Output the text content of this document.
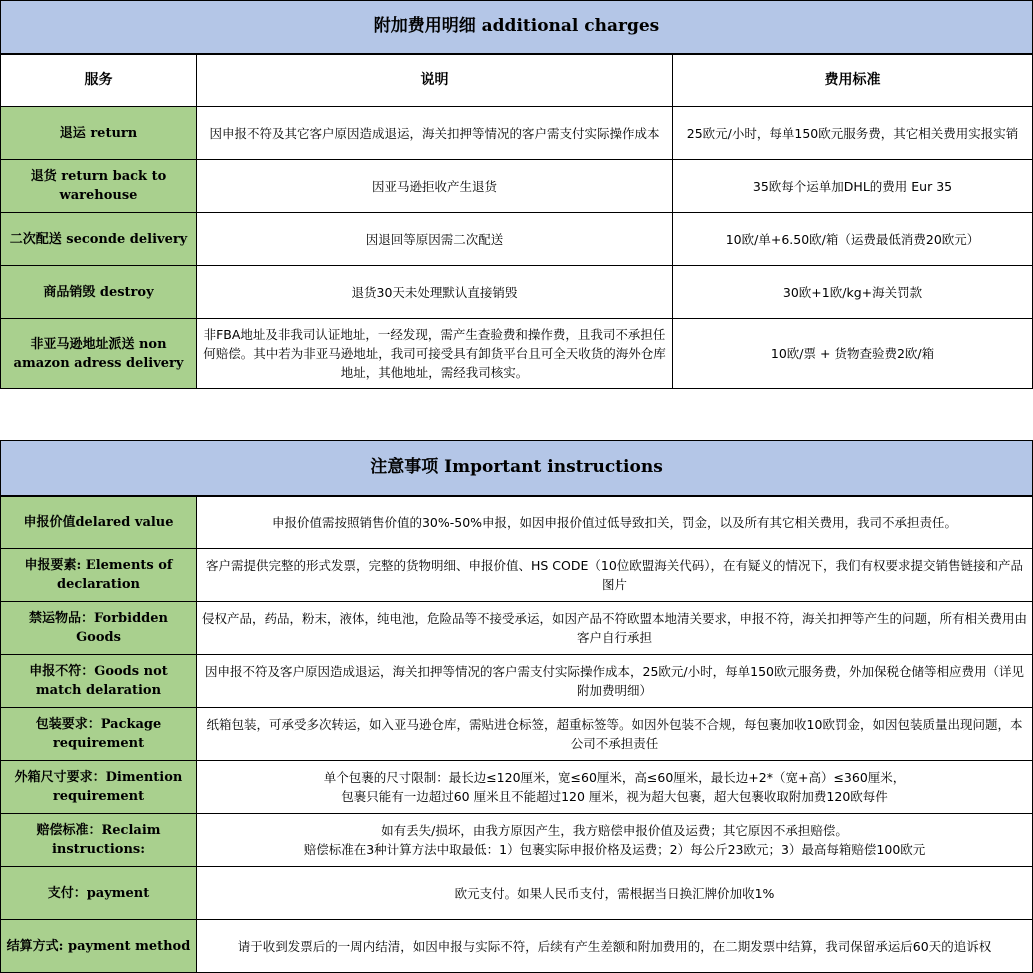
附加费用明细 additional charges		
服务	说明	费用标准
退运 return	因申报不符及其它客户原因造成退运，海关扣押等情况的客户需支付实际操作成本	25欧元/小时，每单150欧元服务费，其它相关费用实报实销
退货 return back to warehouse	因亚马逊拒收产生退货	35欧每个运单加DHL的费用 Eur 35
二次配送 seconde delivery	因退回等原因需二次配送	10欧/单+6.50欧/箱（运费最低消费20欧元）
商品销毁 destroy	退货30天未处理默认直接销毁	30欧+1欧/kg+海关罚款
非亚马逊地址派送 non amazon adress delivery	非FBA地址及非我司认证地址，一经发现，需产生查验费和操作费，且我司不承担任何赔偿。其中若为非亚马逊地址，我司可接受具有卸货平台且可全天收货的海外仓库地址，其他地址，需经我司核实。	10欧/票 + 货物查验费2欧/箱
注意事项 Important instructions	
申报价值delared value	申报价值需按照销售价值的30%-50%申报，如因申报价值过低导致扣关，罚金，以及所有其它相关费用，我司不承担责任。
申报要素: Elements of declaration	客户需提供完整的形式发票，完整的货物明细、申报价值、HS CODE（10位欧盟海关代码），在有疑义的情况下，我们有权要求提交销售链接和产品图片
禁运物品：Forbidden Goods	侵权产品，药品，粉末，液体，纯电池，危险品等不接受承运，如因产品不符欧盟本地清关要求，申报不符，海关扣押等产生的问题，所有相关费用由客户自行承担
申报不符：Goods not match delaration	因申报不符及客户原因造成退运，海关扣押等情况的客户需支付实际操作成本，25欧元/小时，每单150欧元服务费，外加保税仓储等相应费用（详见附加费明细）
包装要求：Package requirement	纸箱包装，可承受多次转运，如入亚马逊仓库，需贴进仓标签，超重标签等。如因外包装不合规，每包裹加收10欧罚金，如因包装质量出现问题，本公司不承担责任
外箱尺寸要求：Dimention requirement	单个包裹的尺寸限制：最长边≤120厘米，宽≤60厘米，高≤60厘米，最长边+2*（宽+高）≤360厘米，
包裹只能有一边超过60 厘米且不能超过120 厘米，视为超大包裹，超大包裹收取附加费120欧每件
赔偿标准：Reclaim instructions:	如有丢失/损坏，由我方原因产生，我方赔偿申报价值及运费；其它原因不承担赔偿。
赔偿标准在3种计算方法中取最低：1）包裹实际申报价格及运费；2）每公斤23欧元；3）最高每箱赔偿100欧元
支付：payment	欧元支付。如果人民币支付，需根据当日换汇牌价加收1%
结算方式: payment method	请于收到发票后的一周内结清，如因申报与实际不符，后续有产生差额和附加费用的，在二期发票中结算，我司保留承运后60天的追诉权
